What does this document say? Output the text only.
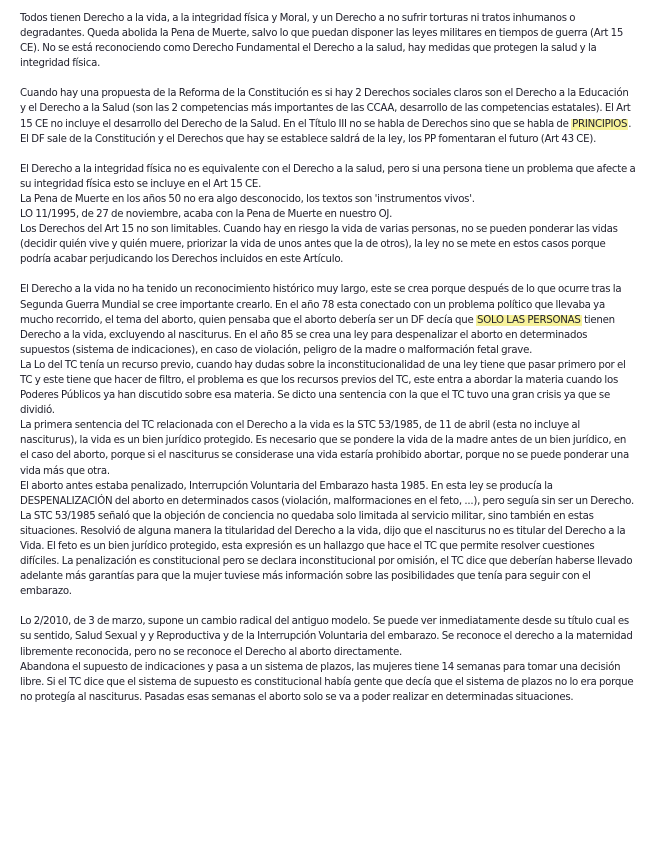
Todos tienen Derecho a la vida, a la integridad física y Moral, y un Derecho a no sufrir torturas ni tratos inhumanos o degradantes. Queda abolida la Pena de Muerte, salvo lo que puedan disponer las leyes militares en tiempos de guerra (Art 15 CE). No se está reconociendo como Derecho Fundamental el Derecho a la salud, hay medidas que protegen la salud y la integridad física.

Cuando hay una propuesta de la Reforma de la Constitución es si hay 2 Derechos sociales claros son el Derecho a la Educación y el Derecho a la Salud (son las 2 competencias más importantes de las CCAA, desarrollo de las competencias estatales). El Art 15 CE no incluye el desarrollo del Derecho de la Salud. En el Título III no se habla de Derechos sino que se habla de PRINCIPIOS. El DF sale de la Constitución y el Derechos que hay se establece saldrá de la ley, los PP fomentaran el futuro (Art 43 CE).

El Derecho a la integridad física no es equivalente con el Derecho a la salud, pero si una persona tiene un problema que afecte a su integridad física esto se incluye en el Art 15 CE.

La Pena de Muerte en los años 50 no era algo desconocido, los textos son 'instrumentos vivos'.

LO 11/1995, de 27 de noviembre, acaba con la Pena de Muerte en nuestro OJ.

Los Derechos del Art 15 no son limitables. Cuando hay en riesgo la vida de varias personas, no se pueden ponderar las vidas (decidir quién vive y quién muere, priorizar la vida de unos antes que la de otros), la ley no se mete en estos casos porque podría acabar perjudicando los Derechos incluidos en este Artículo.

El Derecho a la vida no ha tenido un reconocimiento histórico muy largo, este se crea porque después de lo que ocurre tras la Segunda Guerra Mundial se cree importante crearlo. En el año 78 esta conectado con un problema político que llevaba ya mucho recorrido, el tema del aborto, quien pensaba que el aborto debería ser un DF decía que SOLO LAS PERSONAS tienen Derecho a la vida, excluyendo al nasciturus. En el año 85 se crea una ley para despenalizar el aborto en determinados supuestos (sistema de indicaciones), en caso de violación, peligro de la madre o malformación fetal grave.

La Lo del TC tenía un recurso previo, cuando hay dudas sobre la inconstitucionalidad de una ley tiene que pasar primero por el TC y este tiene que hacer de filtro, el problema es que los recursos previos del TC, este entra a abordar la materia cuando los Poderes Públicos ya han discutido sobre esa materia. Se dicto una sentencia con la que el TC tuvo una gran crisis ya que se dividió.

La primera sentencia del TC relacionada con el Derecho a la vida es la STC 53/1985, de 11 de abril (esta no incluye al nasciturus), la vida es un bien jurídico protegido. Es necesario que se pondere la vida de la madre antes de un bien jurídico, en el caso del aborto, porque si el nasciturus se considerase una vida estaría prohibido abortar, porque no se puede ponderar una vida más que otra.

El aborto antes estaba penalizado, Interrupción Voluntaria del Embarazo hasta 1985. En esta ley se producía la DESPENALIZACIÓN del aborto en determinados casos (violación, malformaciones en el feto, ...), pero seguía sin ser un Derecho.

La STC 53/1985 señaló que la objeción de conciencia no quedaba solo limitada al servicio militar, sino también en estas situaciones. Resolvió de alguna manera la titularidad del Derecho a la vida, dijo que el nasciturus no es titular del Derecho a la Vida. El feto es un bien jurídico protegido, esta expresión es un hallazgo que hace el TC que permite resolver cuestiones difíciles. La penalización es constitucional pero se declara inconstitucional por omisión, el TC dice que deberían haberse llevado adelante más garantías para que la mujer tuviese más información sobre las posibilidades que tenía para seguir con el embarazo.

Lo 2/2010, de 3 de marzo, supone un cambio radical del antiguo modelo. Se puede ver inmediatamente desde su título cual es su sentido, Salud Sexual y y Reproductiva y de la Interrupción Voluntaria del embarazo. Se reconoce el derecho a la maternidad libremente reconocida, pero no se reconoce el Derecho al aborto directamente.

Abandona el supuesto de indicaciones y pasa a un sistema de plazos, las mujeres tiene 14 semanas para tomar una decisión libre. Si el TC dice que el sistema de supuesto es constitucional había gente que decía que el sistema de plazos no lo era porque no protegía al nasciturus. Pasadas esas semanas el aborto solo se va a poder realizar en determinadas situaciones.
